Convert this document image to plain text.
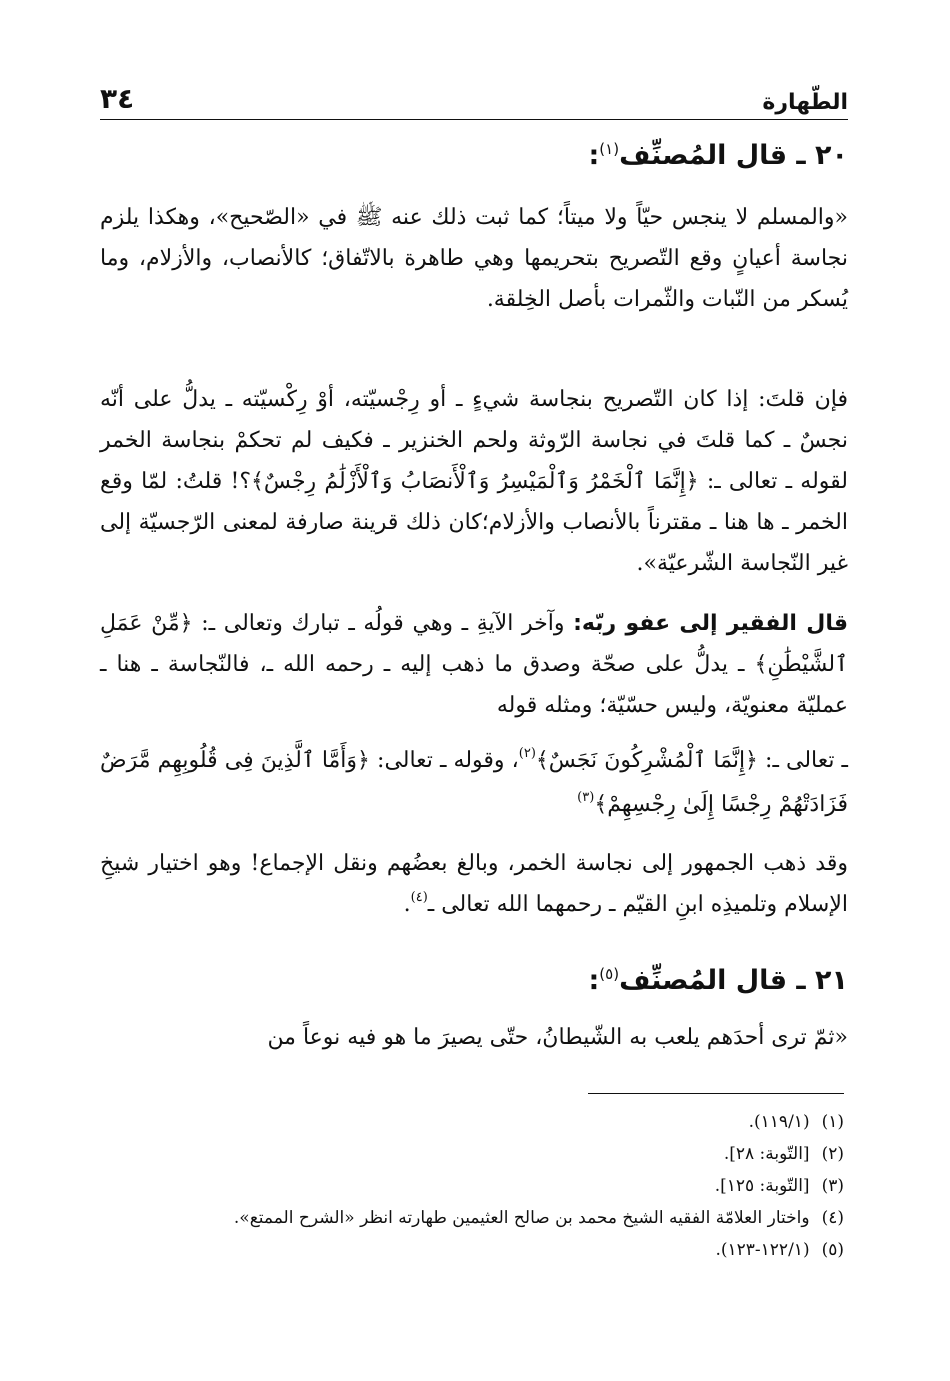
الطّهارة
٣٤
٢٠ ـ قال المُصنِّف$^{(١)}$:

«والمسلم لا ينجس حيّاً ولا ميتاً؛ كما ثبت ذلك عنه ﷺ في «الصّحيح»، وهكذا يلزم نجاسة أعيانٍ وقع التّصريح بتحريمها وهي طاهرة بالاتّفاق؛ كالأنصاب، والأزلام، وما يُسكر من النّبات والثّمرات بأصل الخِلقة.

فإن قلتَ: إذا كان التّصريح بنجاسة شيءٍ ـ أو رِجْسيّته، أوْ رِكْسيّته ـ يدلُّ على أنّه نجسٌ ـ كما قلتَ في نجاسة الرّوثة ولحم الخنزير ـ فكيف لم تحكمْ بنجاسة الخمر لقوله ـ تعالى ـ: ﴿إِنَّمَا ٱلْخَمْرُ وَٱلْمَيْسِرُ وَٱلْأَنصَابُ وَٱلْأَزْلَٰمُ رِجْسٌ﴾؟! قلتُ: لمّا وقع الخمر ـ ها هنا ـ مقترناً بالأنصاب والأزلام؛كان ذلك قرينة صارفة لمعنى الرّجسيّة إلى غير النّجاسة الشّرعيّة».

قال الفقير إلى عفو ربّه: وآخر الآيةِ ـ وهي قولُه ـ تبارك وتعالى ـ: ﴿مِّنْ عَمَلِ ٱلشَّيْطَٰنِ﴾ ـ يدلُّ على صحّة وصدق ما ذهب إليه ـ رحمه الله ـ، فالنّجاسة ـ هنا ـ عمليّة معنويّة، وليس حسّيّة؛ ومثله قوله

ـ تعالى ـ: ﴿إِنَّمَا ٱلْمُشْرِكُونَ نَجَسٌ﴾$^{(٢)}$، وقوله ـ تعالى: ﴿وَأَمَّا ٱلَّذِينَ فِى قُلُوبِهِم مَّرَضٌ فَزَادَتْهُمْ رِجْسًا إِلَىٰ رِجْسِهِمْ﴾$^{(٣)}$

وقد ذهب الجمهور إلى نجاسة الخمر، وبالغ بعضُهم ونقل الإجماع! وهو اختيار شيخِ الإسلام وتلميذِه ابنِ القيّم ـ رحمهما الله تعالى ـ$^{(٤)}$.

٢١ ـ قال المُصنِّف$^{(٥)}$:

«ثمّ ترى أحدَهم يلعب به الشّيطانُ، حتّى يصيرَ ما هو فيه نوعاً من

(١)(١١٩/١).
(٢)[التّوبة: ٢٨].
(٣)[التّوبة: ١٢٥].
(٤)واختار العلامّة الفقيه الشيخ محمد بن صالح العثيمين طهارته انظر «الشرح الممتع».
(٥)(١٢٢/١-١٢٣).
